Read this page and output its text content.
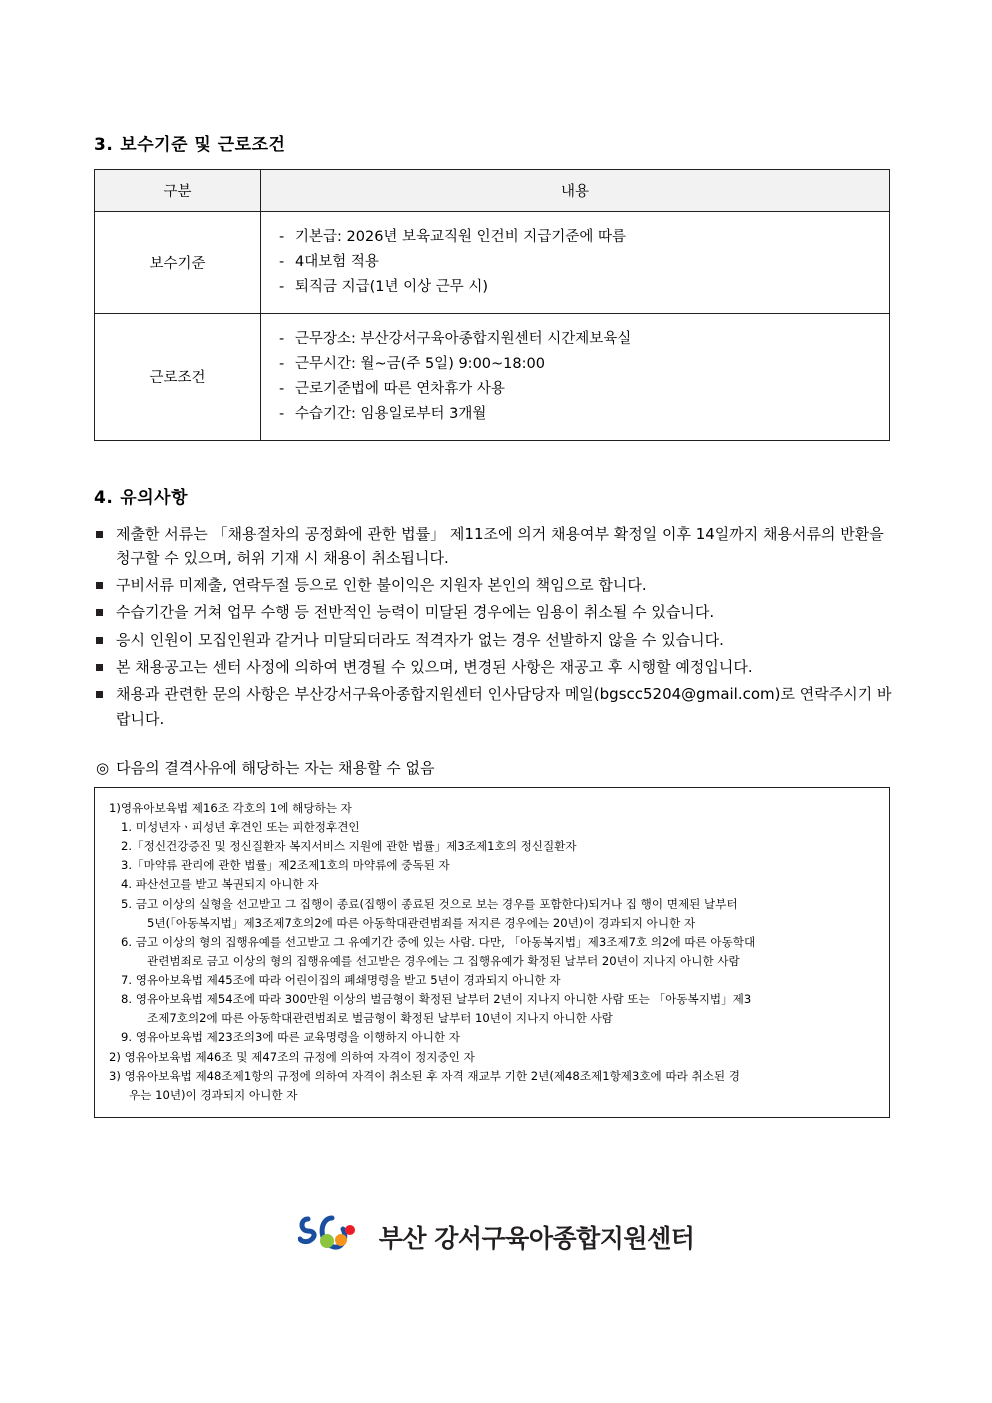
3. 보수기준 및 근로조건
구분	내용
보수기준	- 기본급: 2026년 보육교직원 인건비 지급기준에 따름
- 4대보험 적용
- 퇴직금 지급(1년 이상 근무 시)

근로조건	- 근무장소: 부산강서구육아종합지원센터 시간제보육실
- 근무시간: 월~금(주 5일) 9:00~18:00
- 근로기준법에 따른 연차휴가 사용
- 수습기간: 임용일로부터 3개월
4. 유의사항
제출한 서류는 「채용절차의 공정화에 관한 법률」 제11조에 의거 채용여부 확정일 이후 14일까지 채용서류의 반환을 청구할 수 있으며, 허위 기재 시 채용이 취소됩니다.
구비서류 미제출, 연락두절 등으로 인한 불이익은 지원자 본인의 책임으로 합니다.
수습기간을 거쳐 업무 수행 등 전반적인 능력이 미달된 경우에는 임용이 취소될 수 있습니다.
응시 인원이 모집인원과 같거나 미달되더라도 적격자가 없는 경우 선발하지 않을 수 있습니다.
본 채용공고는 센터 사정에 의하여 변경될 수 있으며, 변경된 사항은 재공고 후 시행할 예정입니다.
채용과 관련한 문의 사항은 부산강서구육아종합지원센터 인사담당자 메일(bgscc5204@gmail.com)로 연락주시기 바랍니다.
◎ 다음의 결격사유에 해당하는 자는 채용할 수 없음
1)영유아보육법 제16조 각호의 1에 해당하는 자
1. 미성년자ㆍ피성년 후견인 또는 피한정후견인
2.「정신건강증진 및 정신질환자 복지서비스 지원에 관한 법률」제3조제1호의 정신질환자
3.「마약류 관리에 관한 법률」제2조제1호의 마약류에 중독된 자
4. 파산선고를 받고 복권되지 아니한 자
5. 금고 이상의 실형을 선고받고 그 집행이 종료(집행이 종료된 것으로 보는 경우를 포함한다)되거나 집 행이 면제된 날부터
5년(「아동복지법」제3조제7호의2에 따른 아동학대관련범죄를 저지른 경우에는 20년)이 경과되지 아니한 자
6. 금고 이상의 형의 집행유예를 선고받고 그 유예기간 중에 있는 사람. 다만, 「아동복지법」제3조제7호 의2에 따른 아동학대
관련범죄로 금고 이상의 형의 집행유예를 선고받은 경우에는 그 집행유예가 확정된 날부터 20년이 지나지 아니한 사람
7. 영유아보육법 제45조에 따라 어린이집의 폐쇄명령을 받고 5년이 경과되지 아니한 자
8. 영유아보육법 제54조에 따라 300만원 이상의 벌금형이 확정된 날부터 2년이 지나지 아니한 사람 또는 「아동복지법」제3
조제7호의2에 따른 아동학대관련범죄로 벌금형이 확정된 날부터 10년이 지나지 아니한 사람
9. 영유아보육법 제23조의3에 따른 교육명령을 이행하지 아니한 자
2) 영유아보육법 제46조 및 제47조의 규정에 의하여 자격이 정지중인 자
3) 영유아보육법 제48조제1항의 규정에 의하여 자격이 취소된 후 자격 재교부 기한 2년(제48조제1항제3호에 따라 취소된 경
우는 10년)이 경과되지 아니한 자
부산 강서구육아종합지원센터
